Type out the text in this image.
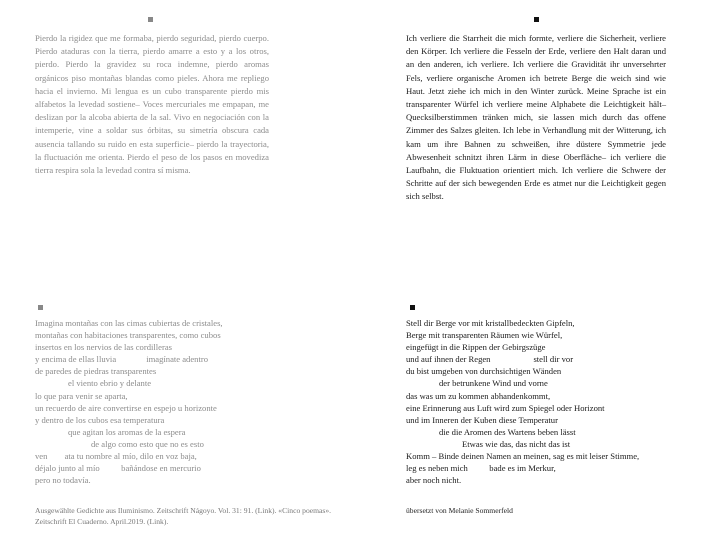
Pierdo la rigidez que me formaba, pierdo seguridad, pierdo cuerpo. Pierdo ataduras con la tierra, pierdo amarre a esto y a los otros, pierdo. Pierdo la gravidez su roca indemne, pierdo aromas orgánicos piso montañas blandas como pieles. Ahora me repliego hacia el invierno. Mi lengua es un cubo transparente pierdo mis alfabetos la levedad sostiene– Voces mercuriales me empapan, me deslizan por la alcoba abierta de la sal. Vivo en negociación con la intemperie, vine a soldar sus órbitas, su simetría obscura cada ausencia tallando su ruido en esta superficie– pierdo la trayectoria, la fluctuación me orienta. Pierdo el peso de los pasos en movediza tierra respira sola la levedad contra sí misma.

Ich verliere die Starrheit die mich formte, verliere die Sicherheit, verliere den Körper. Ich verliere die Fesseln der Erde, verliere den Halt daran und an den anderen, ich verliere. Ich verliere die Gravidität ihr unversehrter Fels, verliere organische Aromen ich betrete Berge die weich sind wie Haut. Jetzt ziehe ich mich in den Winter zurück. Meine Sprache ist ein transparenter Würfel ich verliere meine Alphabete die Leichtigkeit hält– Quecksilberstimmen tränken mich, sie lassen mich durch das offene Zimmer des Salzes gleiten. Ich lebe in Verhandlung mit der Witterung, ich kam um ihre Bahnen zu schweißen, ihre düstere Symmetrie jede Abwesenheit schnitzt ihren Lärm in diese Oberfläche– ich verliere die Laufbahn, die Fluktuation orientiert mich. Ich verliere die Schwere der Schritte auf der sich bewegenden Erde es atmet nur die Leichtigkeit gegen sich selbst.

Imagina montañas con las cimas cubiertas de cristales,
montañas con habitaciones transparentes, como cubos
insertos en los nervios de las cordilleras
y encima de ellas lluvia              imagínate adentro
de paredes de piedras transparentes
el viento ebrio y delante
lo que para venir se aparta,
un recuerdo de aire convertirse en espejo u horizonte
y dentro de los cubos esa temperatura
que agitan los aromas de la espera
de algo como esto que no es esto
ven        ata tu nombre al mío, dilo en voz baja,
déjalo junto al mío          bañándose en mercurio
pero no todavía.
Stell dir Berge vor mit kristallbedeckten Gipfeln,
Berge mit transparenten Räumen wie Würfel,
eingefügt in die Rippen der Gebirgszüge
und auf ihnen der Regen                    stell dir vor
du bist umgeben von durchsichtigen Wänden
der betrunkene Wind und vorne
das was um zu kommen abhandenkommt,
eine Erinnerung aus Luft wird zum Spiegel oder Horizont
und im Inneren der Kuben diese Temperatur
die die Aromen des Wartens beben lässt
Etwas wie das, das nicht das ist
Komm – Binde deinen Namen an meinen, sag es mit leiser Stimme,
leg es neben mich          bade es im Merkur,
aber noch nicht.
Ausgewählte Gedichte aus Iluminismo. Zeitschrift Nágoyo. Vol. 31: 91. (Link). «Cinco poemas». Zeitschrift El Cuaderno. April.2019. (Link).
übersetzt von Melanie Sommerfeld
